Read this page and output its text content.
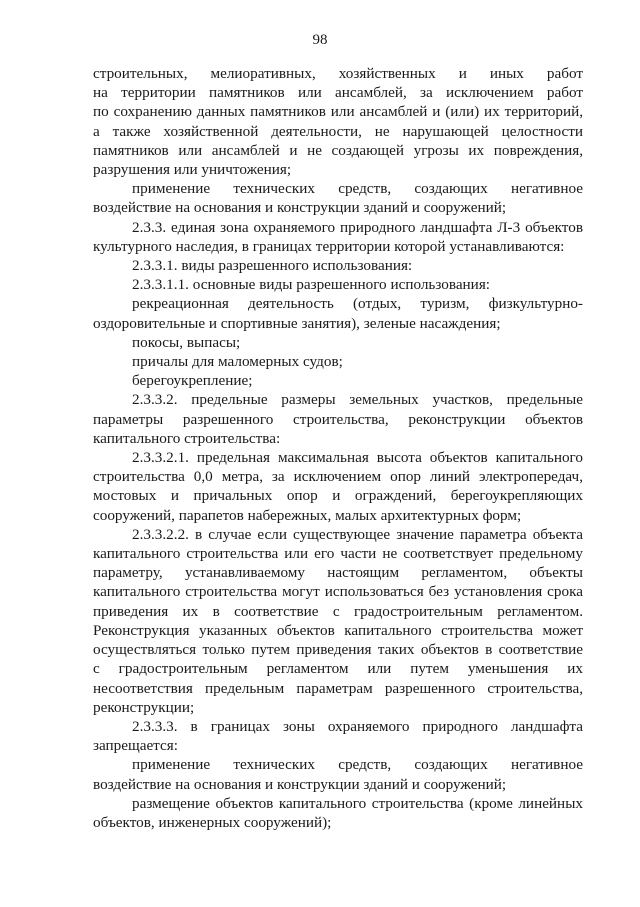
98
строительных, мелиоративных, хозяйственных и иных работ
на территории памятников или ансамблей, за исключением работ
по сохранению данных памятников или ансамблей и (или) их территорий,
а также хозяйственной деятельности, не нарушающей целостности
памятников или ансамблей и не создающей угрозы их повреждения,
разрушения или уничтожения;
применение технических средств, создающих негативное
воздействие на основания и конструкции зданий и сооружений;
2.3.3. единая зона охраняемого природного ландшафта Л-3 объектов
культурного наследия, в границах территории которой устанавливаются:
2.3.3.1. виды разрешенного использования:
2.3.3.1.1. основные виды разрешенного использования:
рекреационная деятельность (отдых, туризм, физкультурно-
оздоровительные и спортивные занятия), зеленые насаждения;
покосы, выпасы;
причалы для маломерных судов;
берегоукрепление;
2.3.3.2. предельные размеры земельных участков, предельные
параметры разрешенного строительства, реконструкции объектов
капитального строительства:
2.3.3.2.1. предельная максимальная высота объектов капитального
строительства 0,0 метра, за исключением опор линий электропередач,
мостовых и причальных опор и ограждений, берегоукрепляющих
сооружений, парапетов набережных, малых архитектурных форм;
2.3.3.2.2. в случае если существующее значение параметра объекта
капитального строительства или его части не соответствует предельному
параметру, устанавливаемому настоящим регламентом, объекты
капитального строительства могут использоваться без установления срока
приведения их в соответствие с градостроительным регламентом.
Реконструкция указанных объектов капитального строительства может
осуществляться только путем приведения таких объектов в соответствие
с градостроительным регламентом или путем уменьшения их
несоответствия предельным параметрам разрешенного строительства,
реконструкции;
2.3.3.3. в границах зоны охраняемого природного ландшафта
запрещается:
применение технических средств, создающих негативное
воздействие на основания и конструкции зданий и сооружений;
размещение объектов капитального строительства (кроме линейных
объектов, инженерных сооружений);
